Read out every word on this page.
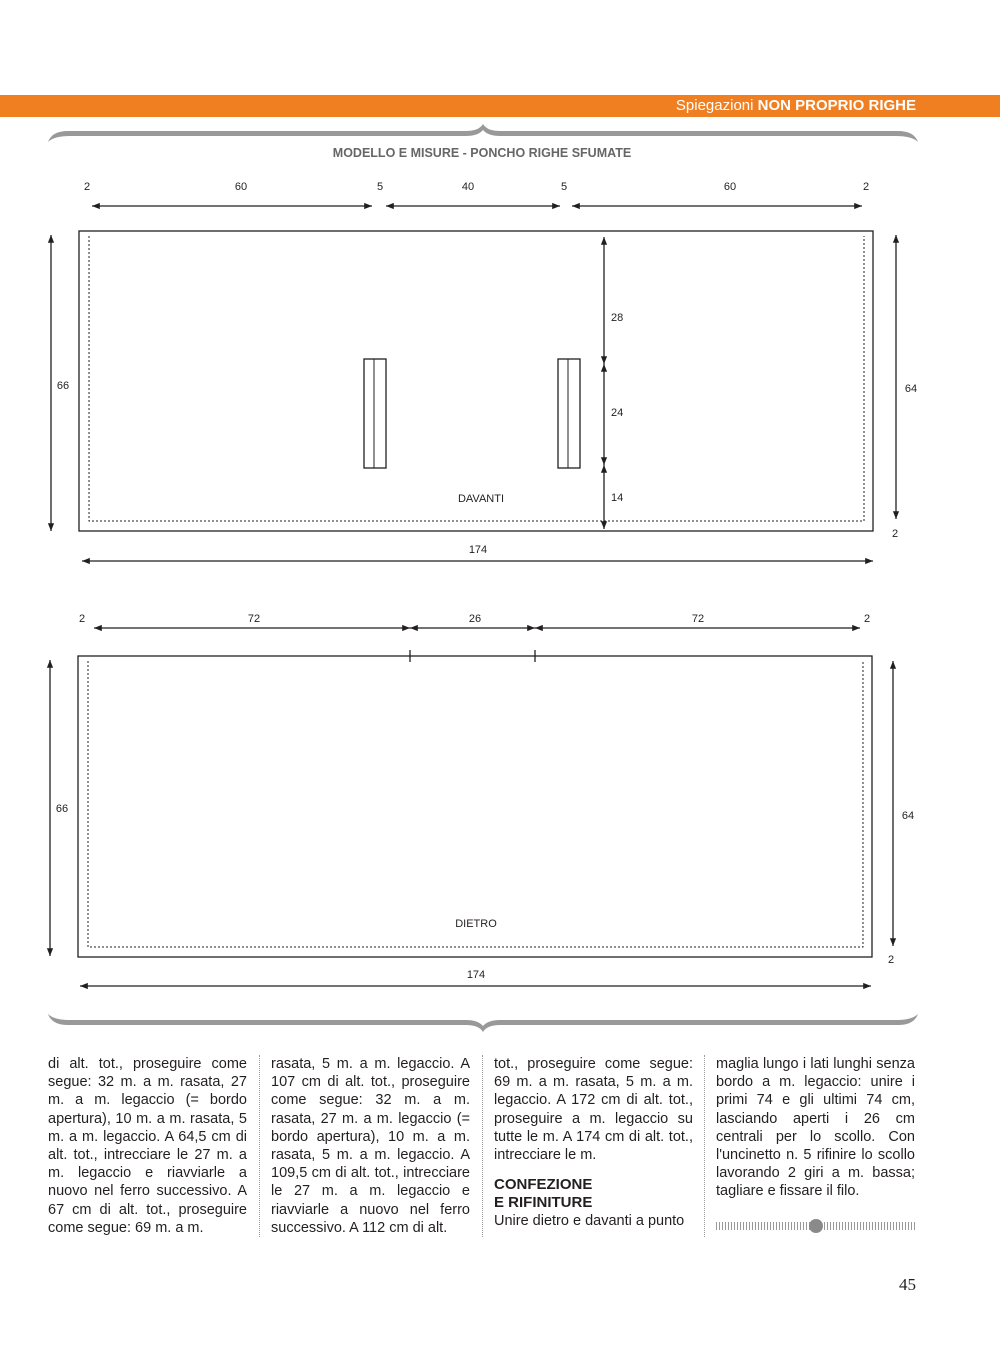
Spiegazioni NON PROPRIO RIGHE
MODELLO E MISURE - PONCHO RIGHE SFUMATE
2	60	5	40	5	60	2
28
24
14
DAVANTI
66	64
2
174
2	72	26	72	2
DIETRO
66
64
2
174

di alt. tot., proseguire come segue: 32 m. a m. rasata, 27 m. a m. legaccio (= bordo apertura), 10 m. a m. rasata, 5 m. a m. legaccio. A 64,5 cm di alt. tot., intrecciare le 27 m. a m. legaccio e riavviarle a nuovo nel ferro successivo. A 67 cm di alt. tot., proseguire come segue: 69 m. a m.

rasata, 5 m. a m. legaccio. A 107 cm di alt. tot., proseguire come segue: 32 m. a m. rasata, 27 m. a m. legaccio (= bordo apertura), 10 m. a m. rasata, 5 m. a m. legaccio. A 109,5 cm di alt. tot., intrecciare le 27 m. a m. legaccio e riavviarle a nuovo nel ferro successivo. A 112 cm di alt.

tot., proseguire come segue: 69 m. a m. rasata, 5 m. a m. legaccio. A 172 cm di alt. tot., proseguire a m. legaccio su tutte le m. A 174 cm di alt. tot., intrecciare le m.

CONFEZIONE
E RIFINITURE

Unire dietro e davanti a punto

maglia lungo i lati lunghi senza bordo a m. legaccio: unire i primi 74 e gli ultimi 74 cm, lasciando aperti i 26 cm centrali per lo scollo. Con l'uncinetto n. 5 rifinire lo scollo lavorando 2 giri a m. bassa; tagliare e fissare il filo.

45
